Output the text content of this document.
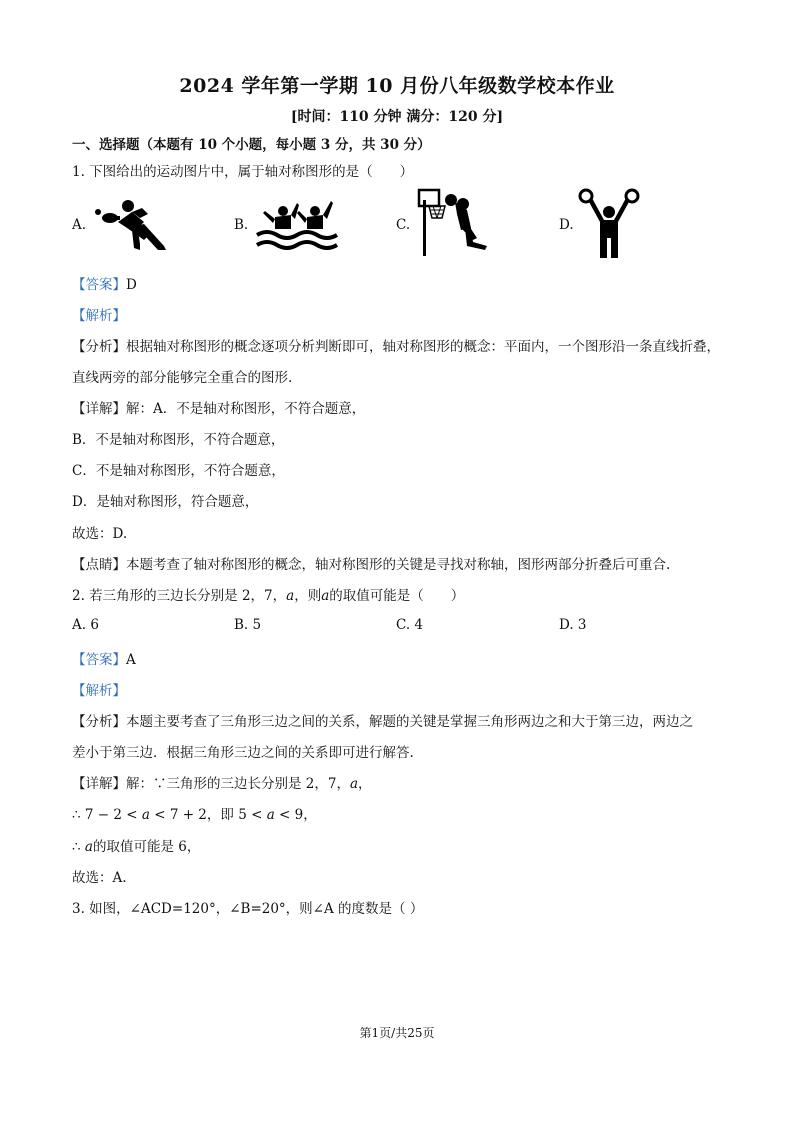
2024 学年第一学期 10 月份八年级数学校本作业
[时间：110 分钟 满分：120 分]
一、选择题（本题有 10 个小题，每小题 3 分，共 30 分）
1. 下图给出的运动图片中，属于轴对称图形的是（　　）
A.	B.	C.	D.
【答案】D
【解析】
【分析】根据轴对称图形的概念逐项分析判断即可，轴对称图形的概念：平面内，一个图形沿一条直线折叠，
直线两旁的部分能够完全重合的图形.
【详解】解：A．不是轴对称图形，不符合题意，
B．不是轴对称图形，不符合题意，
C．不是轴对称图形，不符合题意，
D．是轴对称图形，符合题意，
故选：D.
【点睛】本题考查了轴对称图形的概念，轴对称图形的关键是寻找对称轴，图形两部分折叠后可重合.
2. 若三角形的三边长分别是 2，7，a，则a的取值可能是（　　）
A. 6	B. 5	C. 4	D. 3
【答案】A
【解析】
【分析】本题主要考查了三角形三边之间的关系，解题的关键是掌握三角形两边之和大于第三边，两边之
差小于第三边．根据三角形三边之间的关系即可进行解答.
【详解】解：∵三角形的三边长分别是 2，7，a，
∴ 7 − 2 < a < 7 + 2，即 5 < a < 9，
∴ a的取值可能是 6，
故选：A.
3. 如图，∠ACD=120°，∠B=20°，则∠A 的度数是（ ）
第1页/共25页
